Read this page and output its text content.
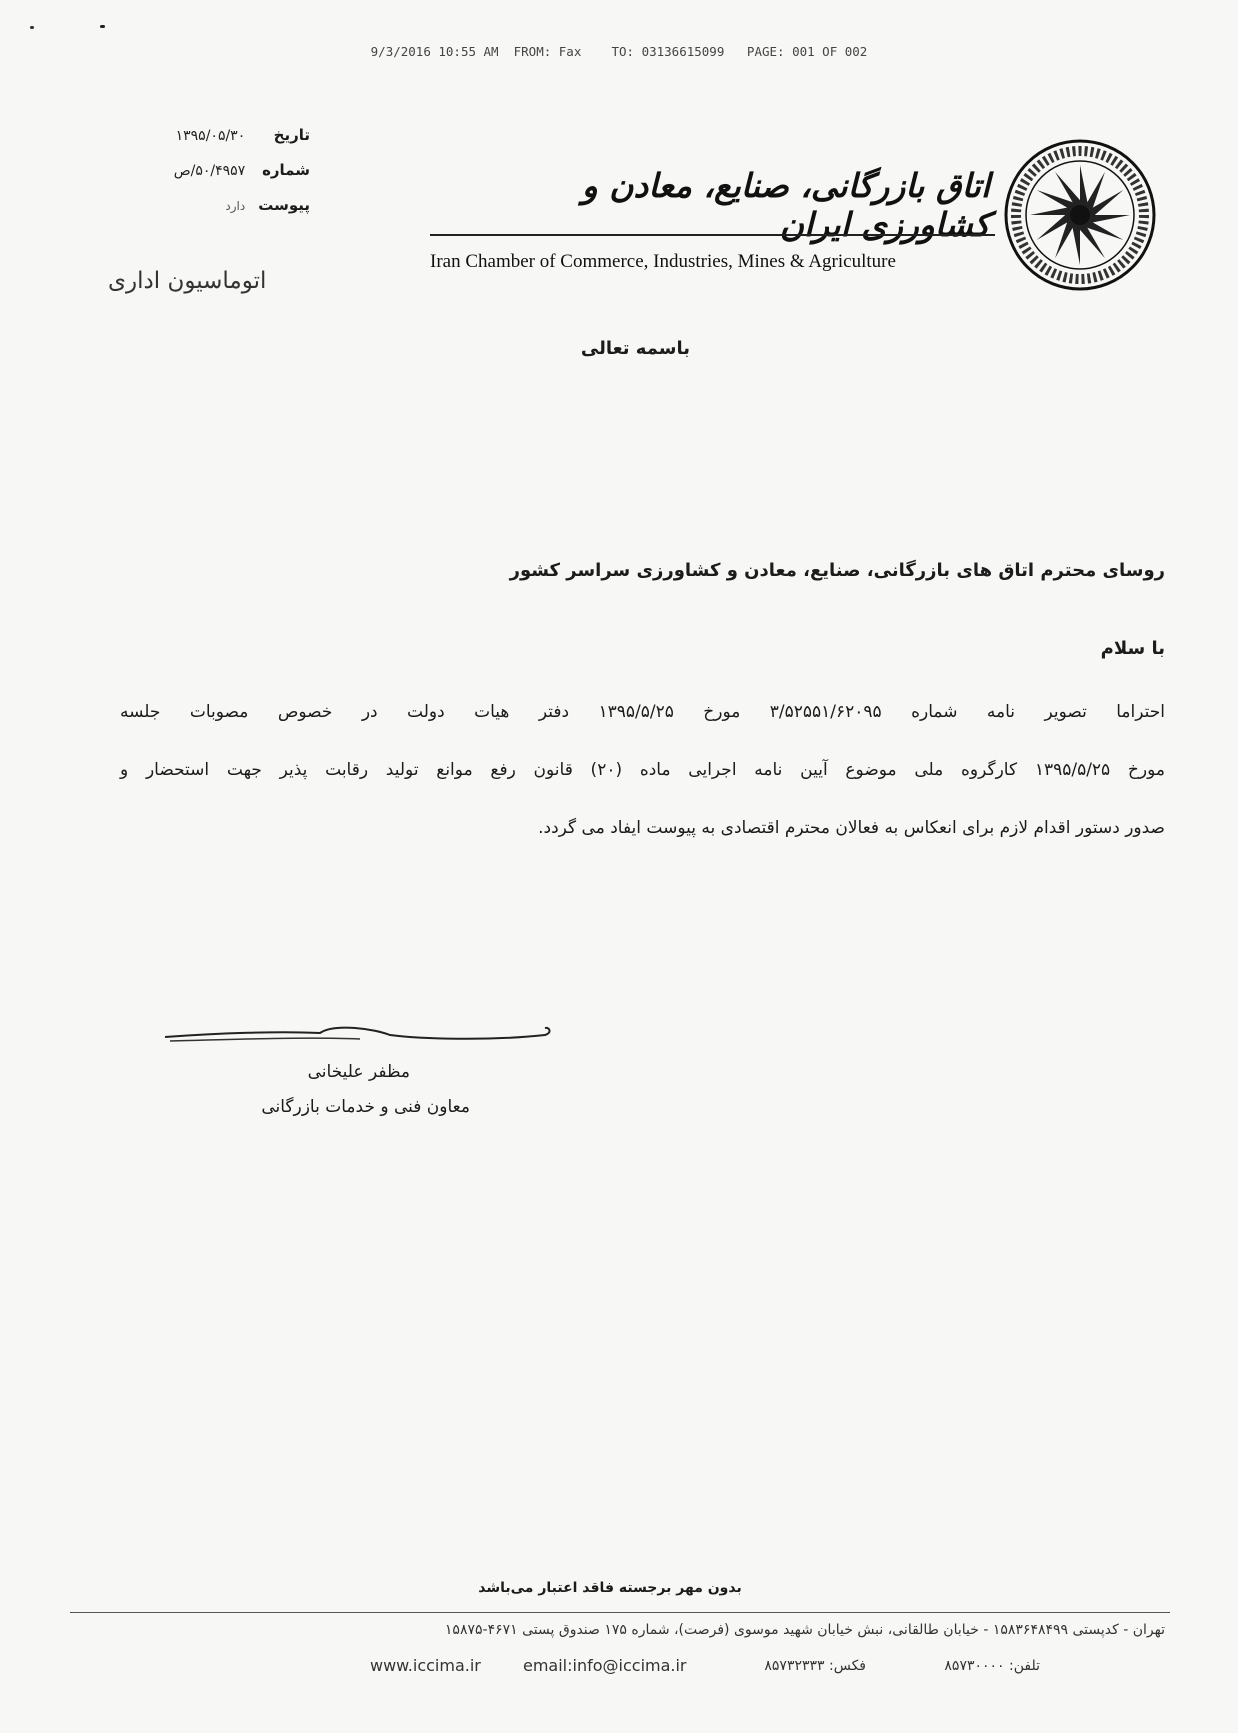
9/3/2016 10:55 AM  FROM: Fax    TO: 03136615099   PAGE: 001 OF 002
تاریخ ۱۳۹۵/۰۵/۳۰
شماره ۵۰/۴۹۵۷/ص
پیوست دارد
اتوماسیون اداری
اتاق بازرگانی، صنایع، معادن و کشاورزی ایران
Iran Chamber of Commerce, Industries, Mines & Agriculture
باسمه تعالی
روسای محترم اتاق های بازرگانی، صنایع، معادن و کشاورزی سراسر کشور
با سلام
احتراما تصویر نامه شماره ۳/۵۲۵۵۱/۶۲۰۹۵ مورخ ۱۳۹۵/۵/۲۵ دفتر هیات دولت در خصوص مصوبات جلسه
مورخ ۱۳۹۵/۵/۲۵ کارگروه ملی موضوع آیین نامه اجرایی ماده (۲۰) قانون رفع موانع تولید رقابت پذیر جهت استحضار و
صدور دستور اقدام لازم برای انعکاس به فعالان محترم اقتصادی به پیوست ایفاد می گردد.
مظفر علیخانی
معاون فنی و خدمات بازرگانی
بدون مهر برجسته فاقد اعتبار می‌باشد
تهران - کدپستی ۱۵۸۳۶۴۸۴۹۹ - خیابان طالقانی، نبش خیابان شهید موسوی (فرصت)، شماره ۱۷۵ صندوق پستی ۴۶۷۱-۱۵۸۷۵
www.iccima.ir	email:info@iccima.ir	فکس: ۸۵۷۳۲۳۳۳	تلفن: ۸۵۷۳۰۰۰۰
